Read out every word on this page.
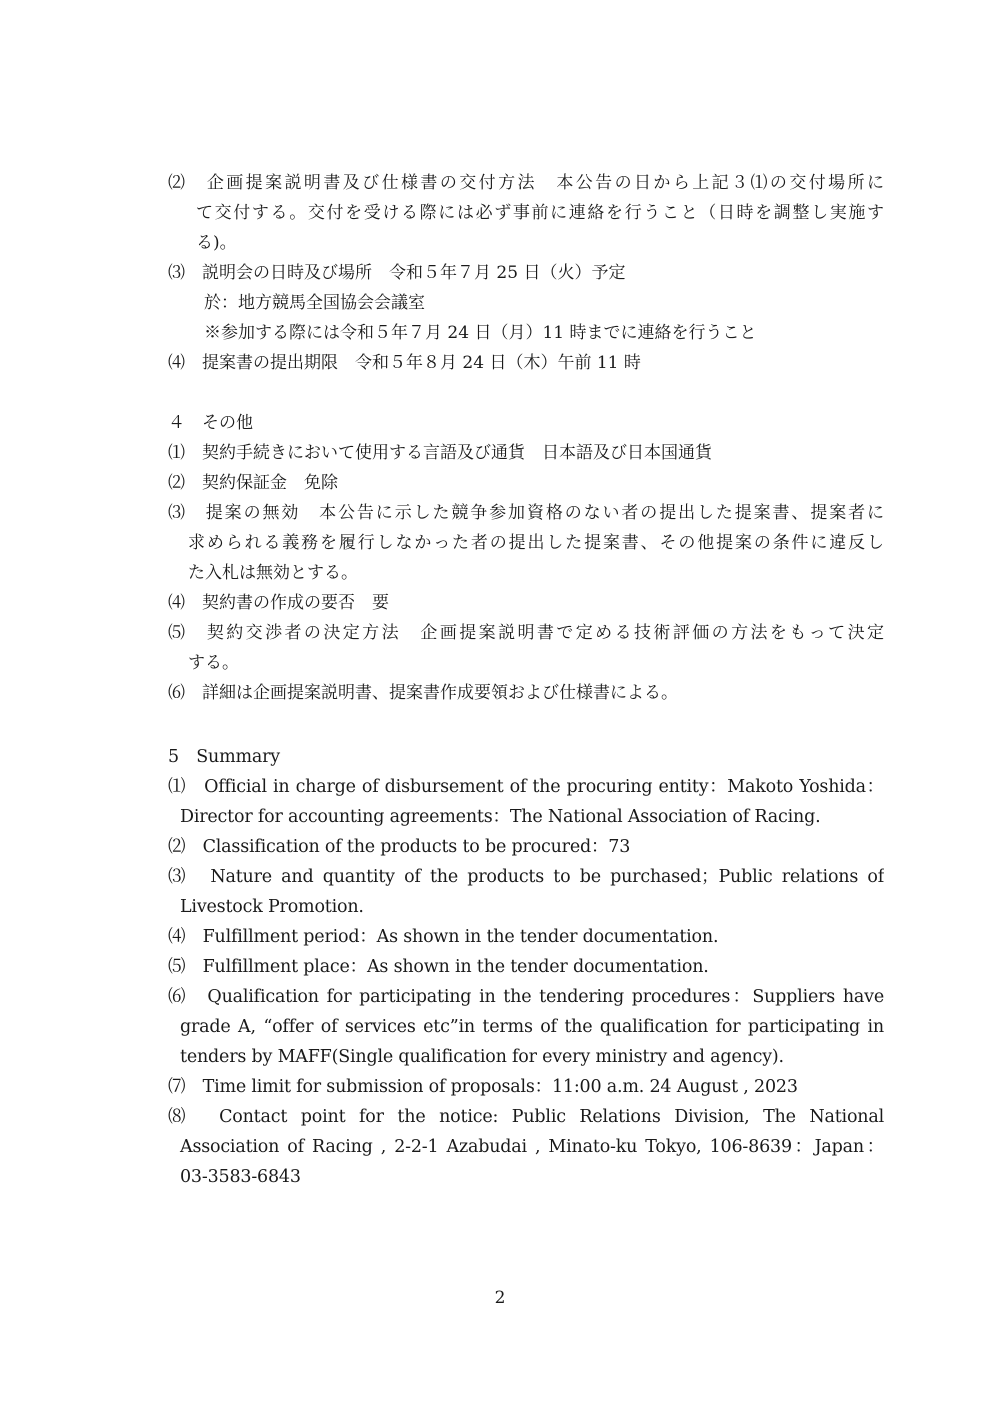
⑵　企画提案説明書及び仕様書の交付方法　本公告の日から上記３⑴の交付場所に
て交付する。交付を受ける際には必ず事前に連絡を行うこと（日時を調整し実施す
る)。
⑶　説明会の日時及び場所　令和５年７月 25 日（火）予定
於：地方競馬全国協会会議室
※参加する際には令和５年７月 24 日（月）11 時までに連絡を行うこと
⑷　提案書の提出期限　令和５年８月 24 日（木）午前 11 時
４　その他
⑴　契約手続きにおいて使用する言語及び通貨　日本語及び日本国通貨
⑵　契約保証金　免除
⑶　提案の無効　本公告に示した競争参加資格のない者の提出した提案書、提案者に
求められる義務を履行しなかった者の提出した提案書、その他提案の条件に違反し
た入札は無効とする。
⑷　契約書の作成の要否　要
⑸　契約交渉者の決定方法　企画提案説明書で定める技術評価の方法をもって決定
する。
⑹　詳細は企画提案説明書、提案書作成要領および仕様書による。
5　Summary
⑴　Official in charge of disbursement of the procuring entity：Makoto Yoshida：
Director for accounting agreements：The National Association of Racing.
⑵　Classification of the products to be procured：73
⑶　Nature and quantity of the products to be purchased；Public relations of
Livestock Promotion.
⑷　Fulfillment period：As shown in the tender documentation.
⑸　Fulfillment place：As shown in the tender documentation.
⑹　Qualification for participating in the tendering procedures：Suppliers have
grade A, “offer of services etc”in terms of the qualification for participating in
tenders by MAFF(Single qualification for every ministry and agency).
⑺　Time limit for submission of proposals：11:00 a.m. 24 August , 2023
⑻　Contact point for the notice: Public Relations Division, The National
Association of Racing , 2-2-1 Azabudai , Minato-ku Tokyo, 106-8639：Japan：
03-3583-6843
2
